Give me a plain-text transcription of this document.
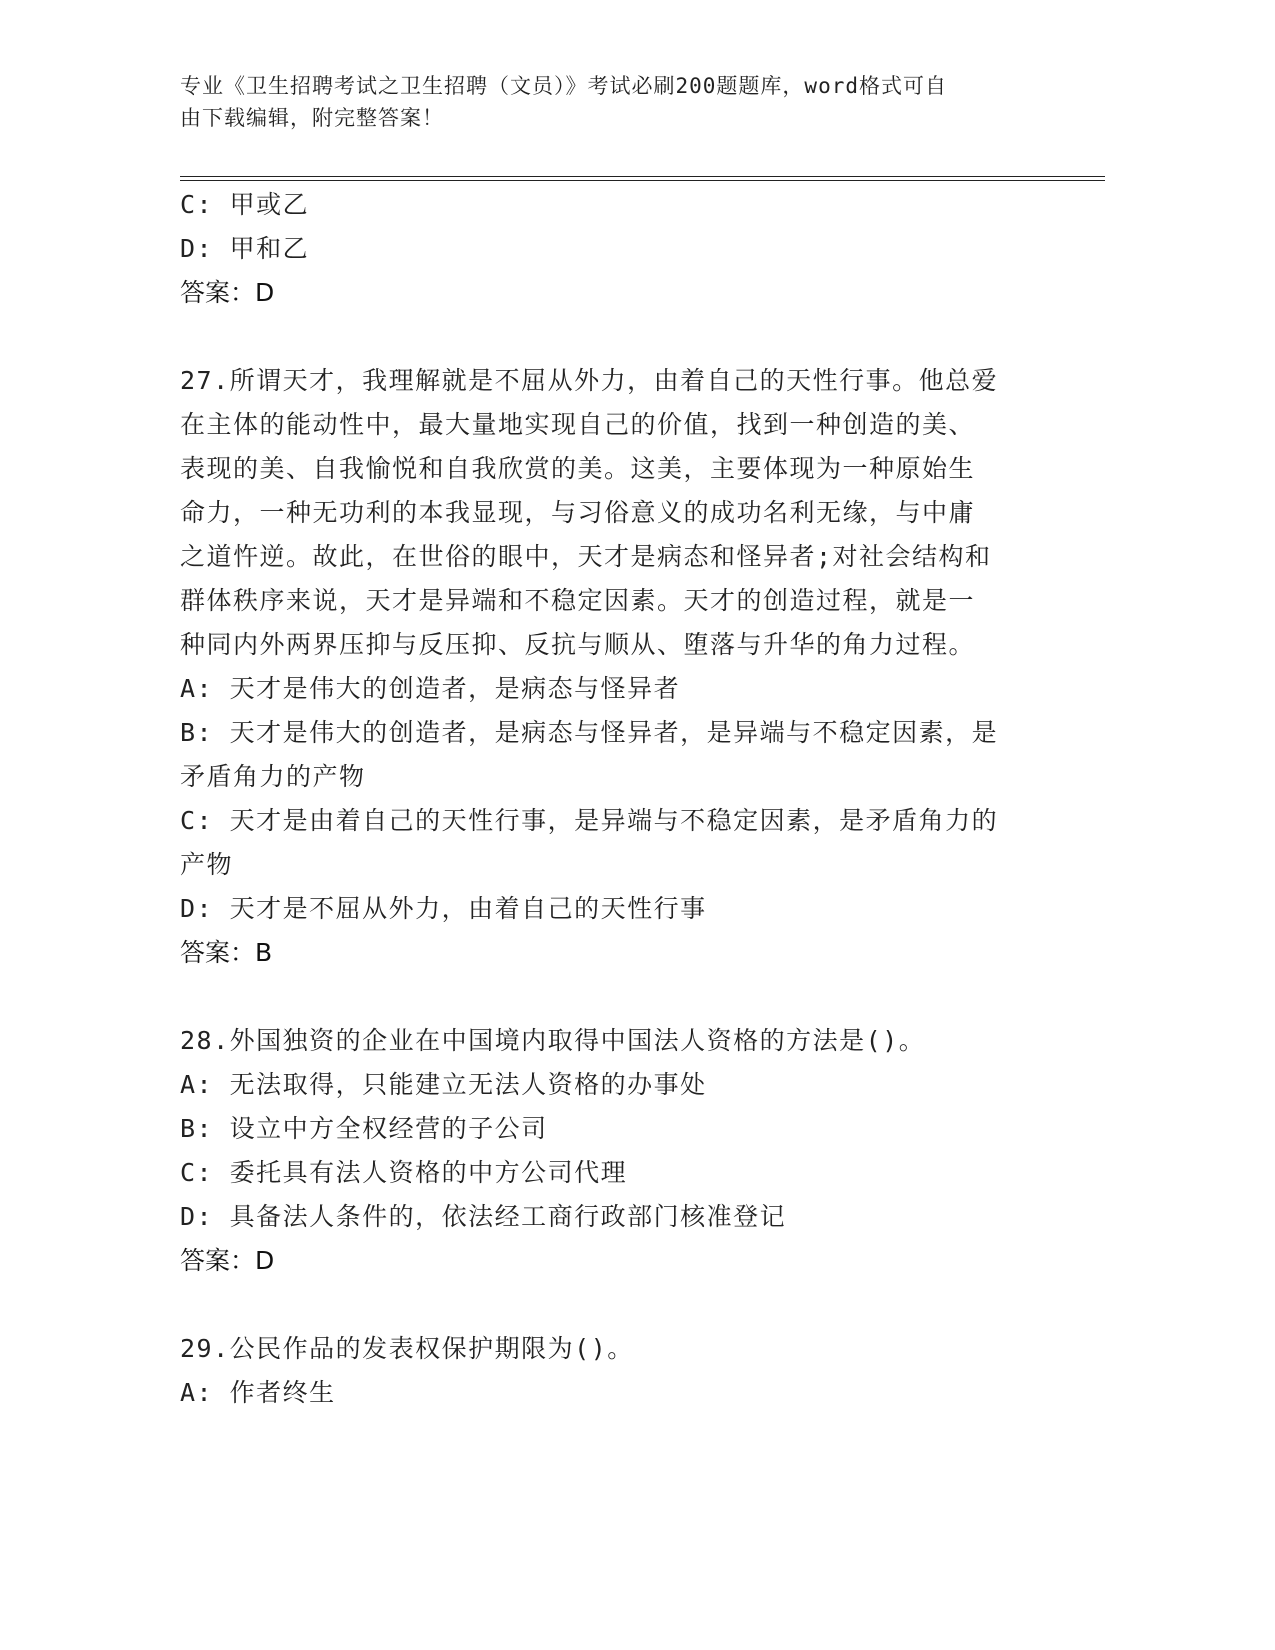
专业《卫生招聘考试之卫生招聘（文员）》考试必刷200题题库，word格式可自
由下载编辑，附完整答案！
C: 甲或乙
D: 甲和乙
答案：D
27.所谓天才，我理解就是不屈从外力，由着自己的天性行事。他总爱
在主体的能动性中，最大量地实现自己的价值，找到一种创造的美、
表现的美、自我愉悦和自我欣赏的美。这美，主要体现为一种原始生
命力，一种无功利的本我显现，与习俗意义的成功名利无缘，与中庸
之道忤逆。故此，在世俗的眼中，天才是病态和怪异者;对社会结构和
群体秩序来说，天才是异端和不稳定因素。天才的创造过程，就是一
种同内外两界压抑与反压抑、反抗与顺从、堕落与升华的角力过程。
A: 天才是伟大的创造者，是病态与怪异者
B: 天才是伟大的创造者，是病态与怪异者，是异端与不稳定因素，是
矛盾角力的产物
C: 天才是由着自己的天性行事，是异端与不稳定因素，是矛盾角力的
产物
D: 天才是不屈从外力，由着自己的天性行事
答案：B
28.外国独资的企业在中国境内取得中国法人资格的方法是()。
A: 无法取得，只能建立无法人资格的办事处
B: 设立中方全权经营的子公司
C: 委托具有法人资格的中方公司代理
D: 具备法人条件的，依法经工商行政部门核准登记
答案：D
29.公民作品的发表权保护期限为()。
A: 作者终生
